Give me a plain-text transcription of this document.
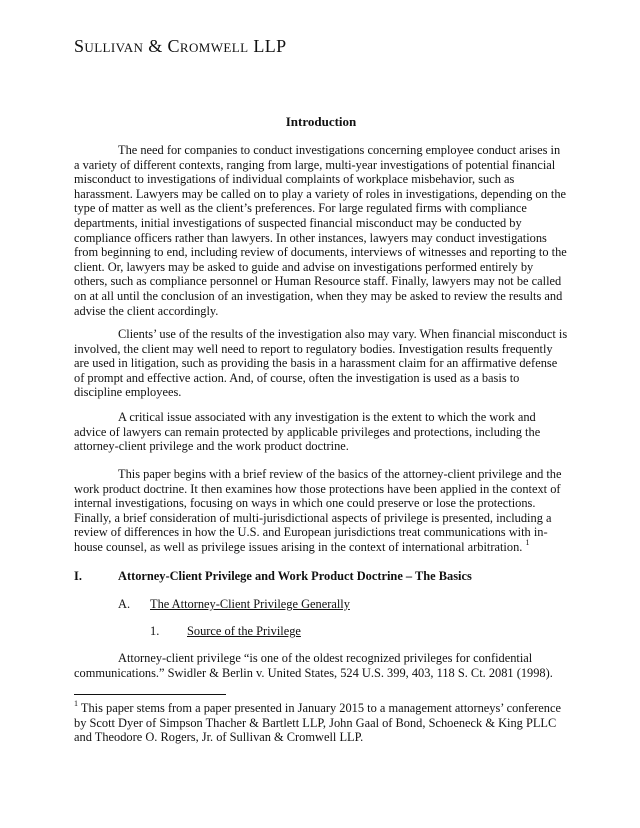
Sullivan & Cromwell LLP
Introduction

The need for companies to conduct investigations concerning employee conduct arises in a variety of different contexts, ranging from large, multi-year investigations of potential financial misconduct to investigations of individual complaints of workplace misbehavior, such as harassment. Lawyers may be called on to play a variety of roles in investigations, depending on the type of matter as well as the client’s preferences. For large regulated firms with compliance departments, initial investigations of suspected financial misconduct may be conducted by compliance officers rather than lawyers. In other instances, lawyers may conduct investigations from beginning to end, including review of documents, interviews of witnesses and reporting to the client. Or, lawyers may be asked to guide and advise on investigations performed entirely by others, such as compliance personnel or Human Resource staff. Finally, lawyers may not be called on at all until the conclusion of an investigation, when they may be asked to review the results and advise the client accordingly.

Clients’ use of the results of the investigation also may vary. When financial misconduct is involved, the client may well need to report to regulatory bodies. Investigation results frequently are used in litigation, such as providing the basis in a harassment claim for an affirmative defense of prompt and effective action. And, of course, often the investigation is used as a basis to discipline employees.

A critical issue associated with any investigation is the extent to which the work and advice of lawyers can remain protected by applicable privileges and protections, including the attorney-client privilege and the work product doctrine.

This paper begins with a brief review of the basics of the attorney-client privilege and the work product doctrine. It then examines how those protections have been applied in the context of internal investigations, focusing on ways in which one could preserve or lose the protections. Finally, a brief consideration of multi-jurisdictional aspects of privilege is presented, including a review of differences in how the U.S. and European jurisdictions treat communications with in-house counsel, as well as privilege issues arising in the context of international arbitration. $^1$

I.	Attorney-Client Privilege and Work Product Doctrine – The Basics
A. The Attorney-Client Privilege Generally
1. Source of the Privilege

Attorney-client privilege “is one of the oldest recognized privileges for confidential communications.” Swidler & Berlin v. United States, 524 U.S. 399, 403, 118 S. Ct. 2081 (1998).

$^1$ This paper stems from a paper presented in January 2015 to a management attorneys’ conference by Scott Dyer of Simpson Thacher & Bartlett LLP, John Gaal of Bond, Schoeneck & King PLLC and Theodore O. Rogers, Jr. of Sullivan & Cromwell LLP.
